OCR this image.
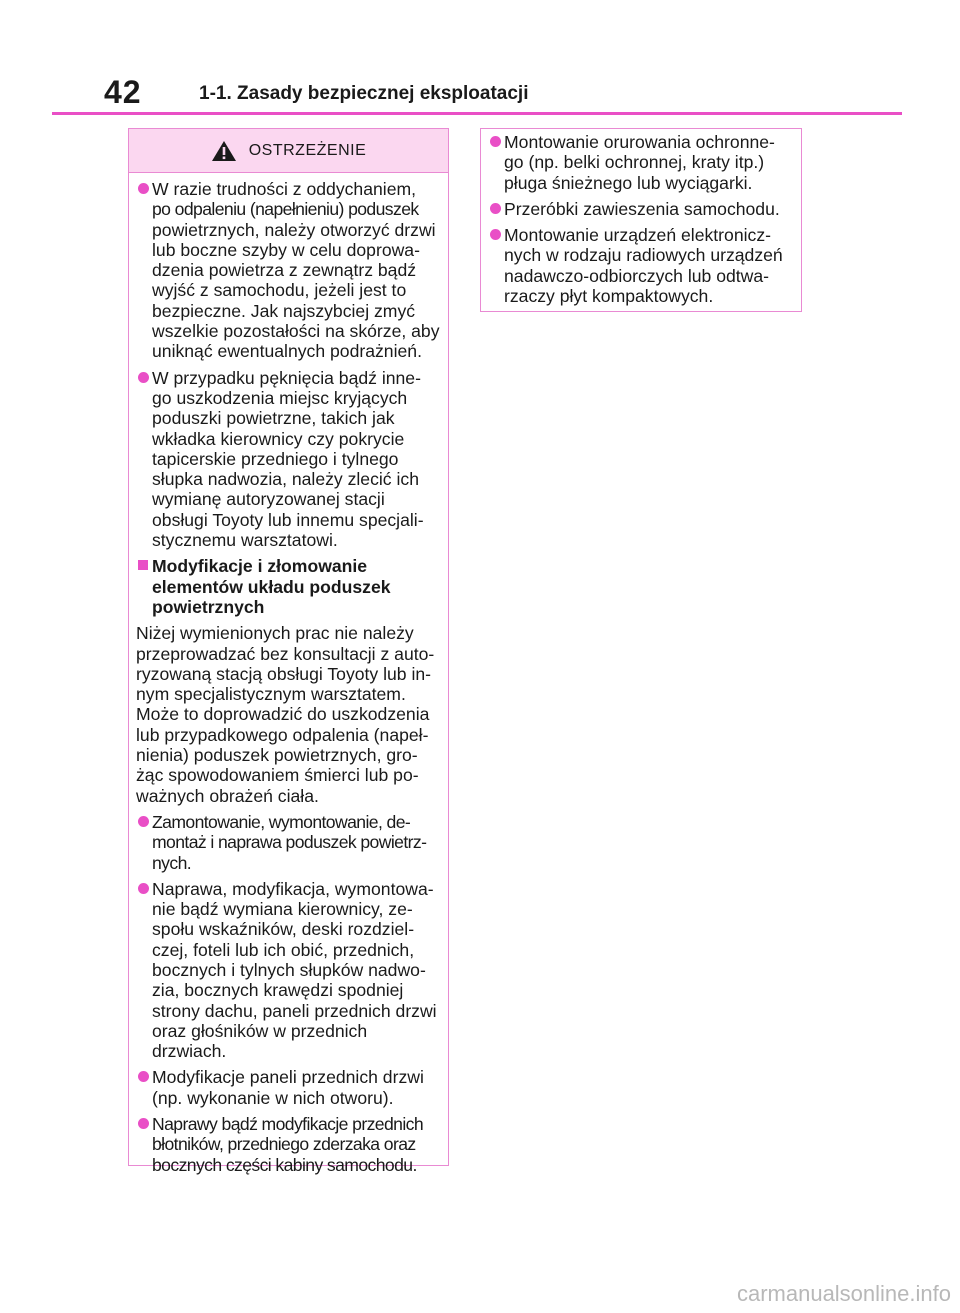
42	1-1. Zasady bezpiecznej eksploatacji
OSTRZEŻENIE
W razie trudności z oddychaniem,
po odpaleniu (napełnieniu) poduszek
powietrznych, należy otworzyć drzwi lub boczne szyby w celu doprowa-dzenia powietrza z zewnątrz bądź wyjść z samochodu, jeżeli jest to bezpieczne. Jak najszybciej zmyć wszelkie pozostałości na skórze, aby uniknąć ewentualnych podrażnień.
W przypadku pęknięcia bądź inne-go uszkodzenia miejsc kryjących poduszki powietrzne, takich jak wkładka kierownicy czy pokrycie tapicerskie przedniego i tylnego słupka nadwozia, należy zlecić ich wymianę autoryzowanej stacji obsługi Toyoty lub innemu specjali-stycznemu warsztatowi.
Modyfikacje i złomowanie elementów układu poduszek powietrznych
Niżej wymienionych prac nie należy przeprowadzać bez konsultacji z auto-ryzowaną stacją obsługi Toyoty lub in-nym specjalistycznym warsztatem. Może to doprowadzić do uszkodzenia lub przypadkowego odpalenia (napeł-nienia) poduszek powietrznych, gro-żąc spowodowaniem śmierci lub po-ważnych obrażeń ciała.
Zamontowanie, wymontowanie, de-montaż i naprawa poduszek powietrz-nych.
Naprawa, modyfikacja, wymontowa-nie bądź wymiana kierownicy, ze-społu wskaźników, deski rozdziel-czej, foteli lub ich obić, przednich, bocznych i tylnych słupków nadwo-zia, bocznych krawędzi spodniej strony dachu, paneli przednich drzwi oraz głośników w przednich drzwiach.
Modyfikacje paneli przednich drzwi (np. wykonanie w nich otworu).
Naprawy bądź modyfikacje przednich błotników, przedniego zderzaka oraz bocznych części kabiny samochodu.
Montowanie orurowania ochronne-go (np. belki ochronnej, kraty itp.) pługa śnieżnego lub wyciągarki.
Przeróbki zawieszenia samochodu.
Montowanie urządzeń elektronicz-nych w rodzaju radiowych urządzeń nadawczo-odbiorczych lub odtwa-rzaczy płyt kompaktowych.
carmanualsonline.info
